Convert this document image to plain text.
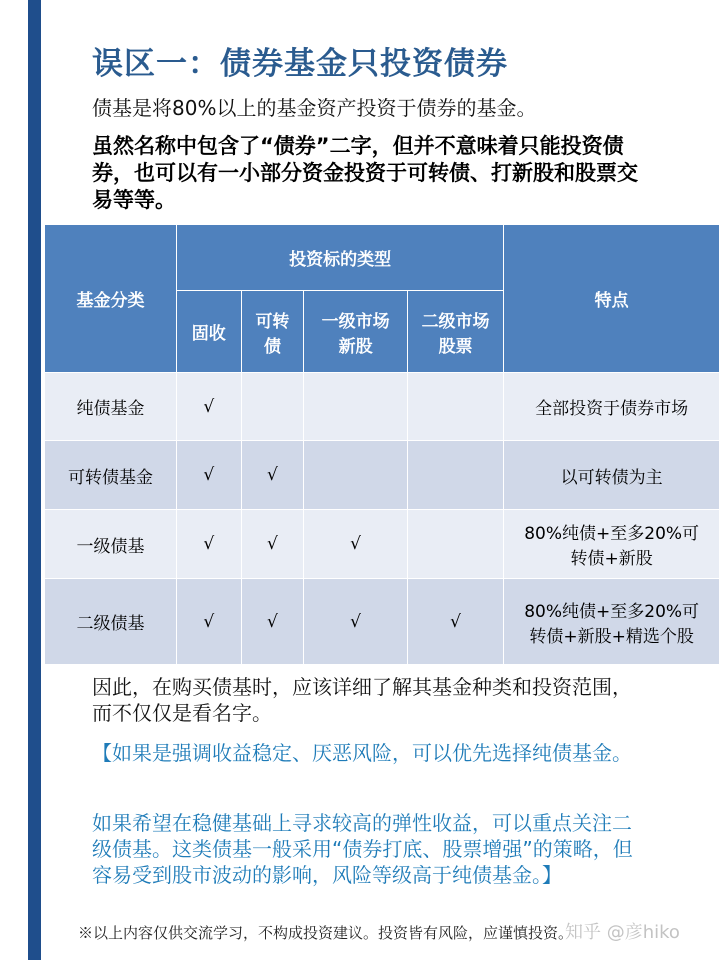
误区一：债券基金只投资债券
债基是将80%以上的基金资产投资于债券的基金。
虽然名称中包含了“债券”二字，但并不意味着只能投资债券，也可以有一小部分资金投资于可转债、打新股和股票交易等等。
基金分类	投资标的类型				特点
	固收	可转债	一级市场新股	二级市场股票	
纯债基金	√				全部投资于债券市场
可转债基金	√	√			以可转债为主
一级债基	√	√	√		80%纯债+至多20%可转债+新股
二级债基	√	√	√	√	80%纯债+至多20%可转债+新股+精选个股
因此，在购买债基时，应该详细了解其基金种类和投资范围，而不仅仅是看名字。
【如果是强调收益稳定、厌恶风险，可以优先选择纯债基金。
如果希望在稳健基础上寻求较高的弹性收益，可以重点关注二级债基。这类债基一般采用“债券打底、股票增强”的策略，但容易受到股市波动的影响，风险等级高于纯债基金。】
※以上内容仅供交流学习，不构成投资建议。投资皆有风险，应谨慎投资。
知乎 @彦hiko
